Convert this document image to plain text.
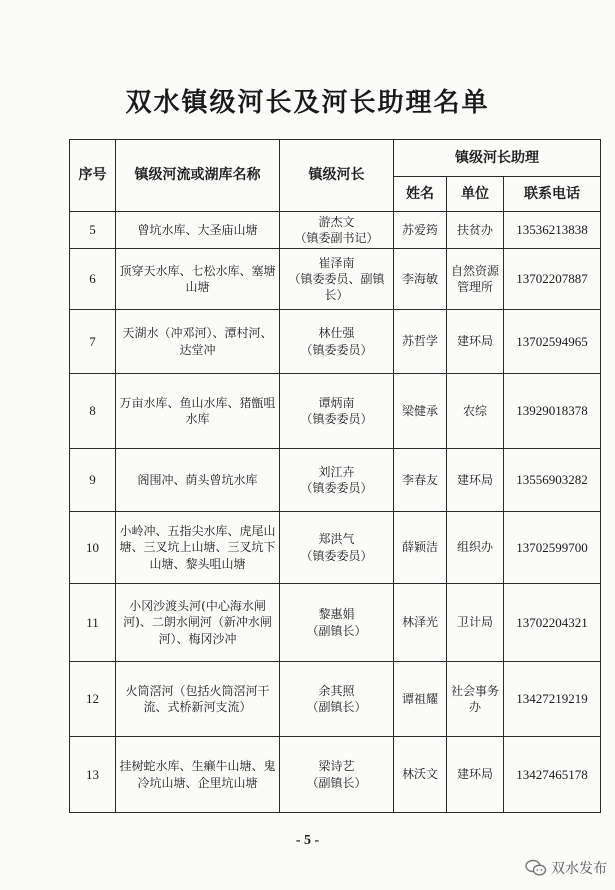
双水镇级河长及河长助理名单
序号	镇级河流或湖库名称	镇级河长	镇级河长助理		
			姓名	单位	联系电话
5	曾坑水库、大圣庙山塘	游杰文
（镇委副书记）	苏爱筠	扶贫办	13536213838
6	顶穿天水库、七松水库、塞塘山塘	崔泽南
（镇委委员、副镇长）	李海敏	自然资源管理所	13702207887
7	天湖水（冲邓河）、潭村河、达堂冲	林仕强
（镇委委员）	苏哲学	建环局	13702594965
8	万亩水库、鱼山水库、猪甑咀水库	谭炳南
（镇委委员）	梁健承	农综	13929018378
9	阁围冲、荫头曾坑水库	刘江卉
（镇委委员）	李春友	建环局	13556903282
10	小岭冲、五指尖水库、虎尾山塘、三叉坑上山塘、三叉坑下山塘、黎头咀山塘	郑洪气
（镇委委员）	薛颖洁	组织办	13702599700
11	小冈沙渡头河(中心海水闸河)、二朗水闸河（新冲水闸河）、梅冈沙冲	黎惠娟
（副镇长）	林泽光	卫计局	13702204321
12	火筒滘河（包括火筒滘河干流、式桥新河支流）	余其照
（副镇长）	谭祖耀	社会事务办	13427219219
13	挂树蛇水库、生癞牛山塘、鬼冷坑山塘、企里坑山塘	梁诗艺
（副镇长）	林沃文	建环局	13427465178
- 5 -
双水发布
